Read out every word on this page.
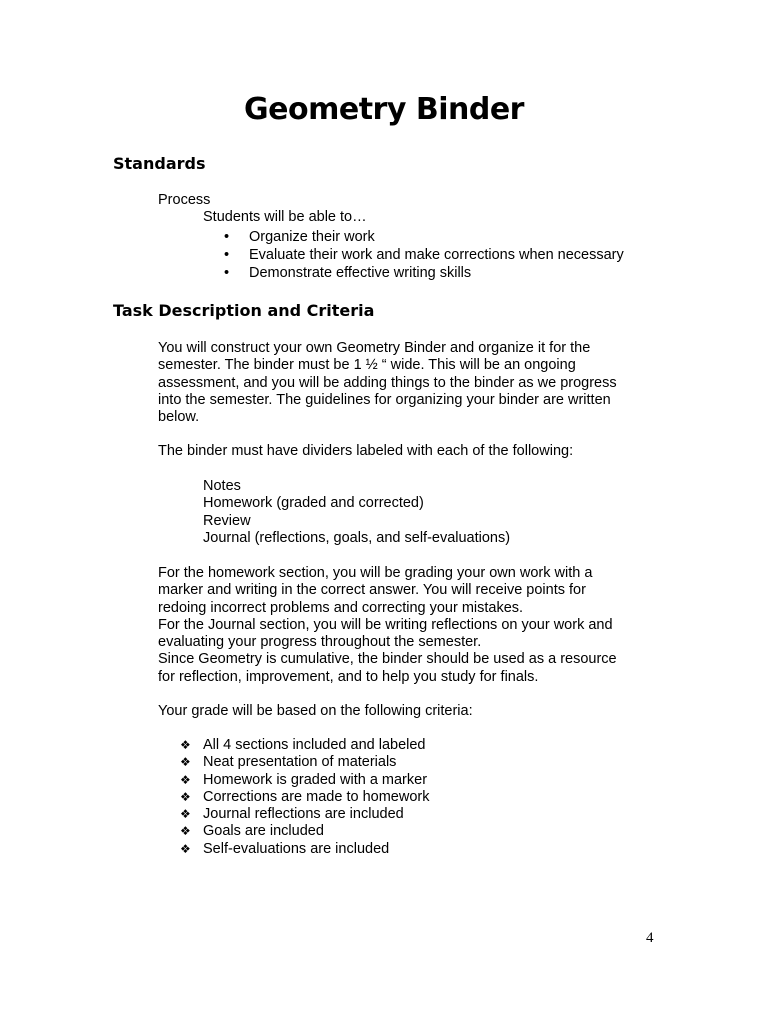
Geometry Binder
Standards
Process
Students will be able to…
• Organize their work
• Evaluate their work and make corrections when necessary
• Demonstrate effective writing skills
Task Description and Criteria
You will construct your own Geometry Binder and organize it for the
semester. The binder must be 1 ½ “ wide. This will be an ongoing
assessment, and you will be adding things to the binder as we progress
into the semester. The guidelines for organizing your binder are written
below.
The binder must have dividers labeled with each of the following:
Notes
Homework (graded and corrected)
Review
Journal (reflections, goals, and self-evaluations)
For the homework section, you will be grading your own work with a
marker and writing in the correct answer. You will receive points for
redoing incorrect problems and correcting your mistakes.
For the Journal section, you will be writing reflections on your work and
evaluating your progress throughout the semester.
Since Geometry is cumulative, the binder should be used as a resource
for reflection, improvement, and to help you study for finals.
Your grade will be based on the following criteria:
❖ All 4 sections included and labeled
❖ Neat presentation of materials
❖ Homework is graded with a marker
❖ Corrections are made to homework
❖ Journal reflections are included
❖ Goals are included
❖ Self-evaluations are included
4
